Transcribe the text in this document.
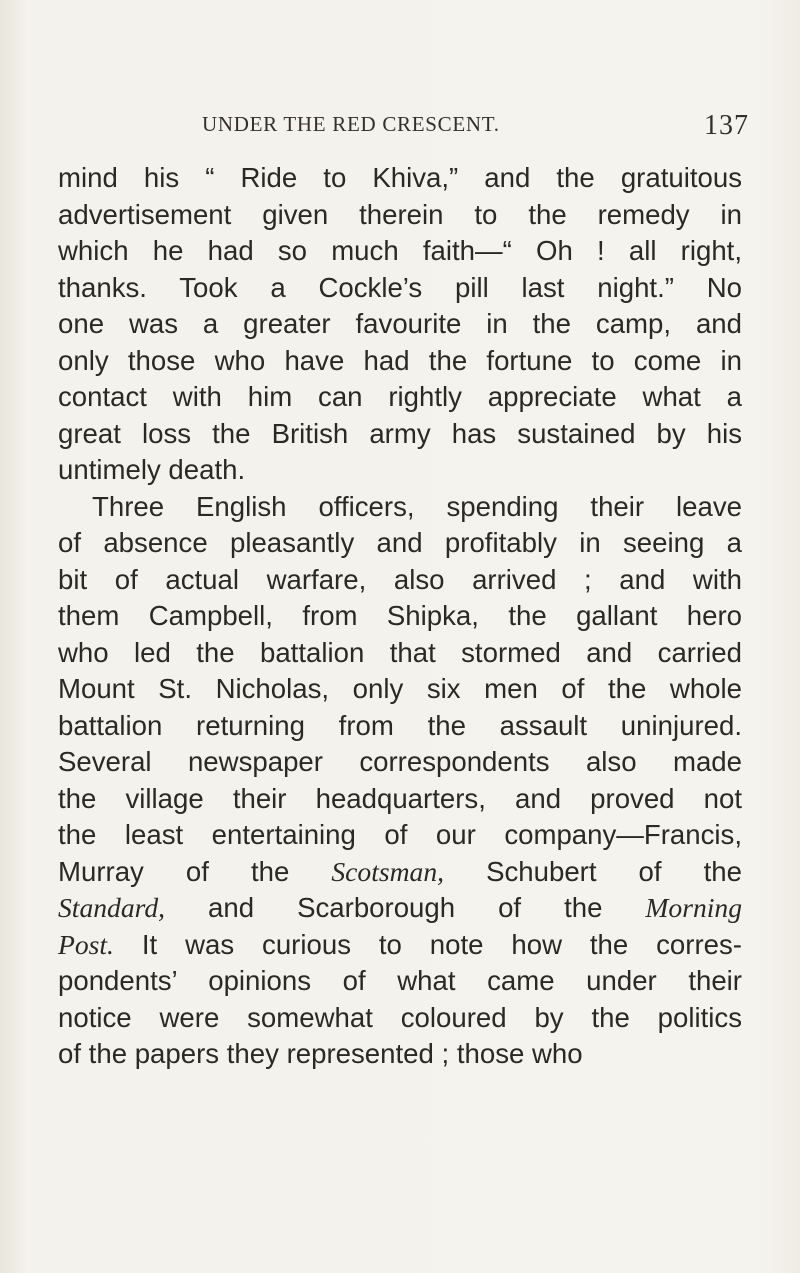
UNDER THE RED CRESCENT.	137
mind his “ Ride to Khiva,” and the gratuitous
advertisement given therein to the remedy in
which he had so much faith—“ Oh ! all right,
thanks. Took a Cockle’s pill last night.” No
one was a greater favourite in the camp, and
only those who have had the fortune to come in
contact with him can rightly appreciate what a
great loss the British army has sustained by his
untimely death.
Three English officers, spending their leave
of absence pleasantly and profitably in seeing a
bit of actual warfare, also arrived ; and with
them Campbell, from Shipka, the gallant hero
who led the battalion that stormed and carried
Mount St. Nicholas, only six men of the whole
battalion returning from the assault uninjured.
Several newspaper correspondents also made
the village their headquarters, and proved not
the least entertaining of our company—Francis,
Murray of the Scotsman, Schubert of the
Standard, and Scarborough of the Morning
Post. It was curious to note how the corres-
pondents’ opinions of what came under their
notice were somewhat coloured by the politics
of the papers they represented ; those who
